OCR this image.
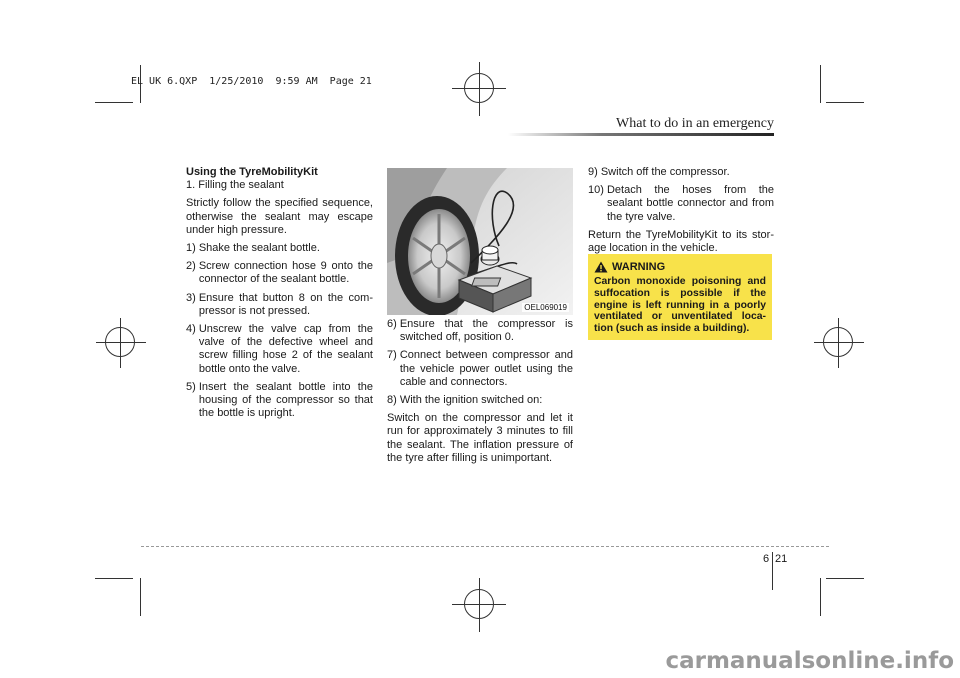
EL UK 6.QXP  1/25/2010  9:59 AM  Page 21
What to do in an emergency

Using the TyreMobilityKit

1. Filling the sealant

Strictly follow the specified sequence, otherwise the sealant may escape under high pressure.

1) Shake the sealant bottle.
2) Screw connection hose 9 onto the connector of the sealant bottle.
3) Ensure that button 8 on the com-pressor is not pressed.
4) Unscrew the valve cap from the valve of the defective wheel and screw filling hose 2 of the sealant bottle onto the valve.
5) Insert the sealant bottle into the housing of the compressor so that the bottle is upright.
OEL069019
6) Ensure that the compressor is switched off, position 0.
7) Connect between compressor and the vehicle power outlet using the cable and connectors.
8) With the ignition switched on:

Switch on the compressor and let it run for approximately 3 minutes to fill the sealant. The inflation pressure of the tyre after filling is unimportant.

9) Switch off the compressor.
10) Detach the hoses from the sealant bottle connector and from the tyre valve.

Return the TyreMobilityKit to its stor-age location in the vehicle.

WARNING
Carbon monoxide poisoning and suffocation is possible if the engine is left running in a poorly ventilated or unventilated loca-tion (such as inside a building).
6 21
carmanualsonline.info
